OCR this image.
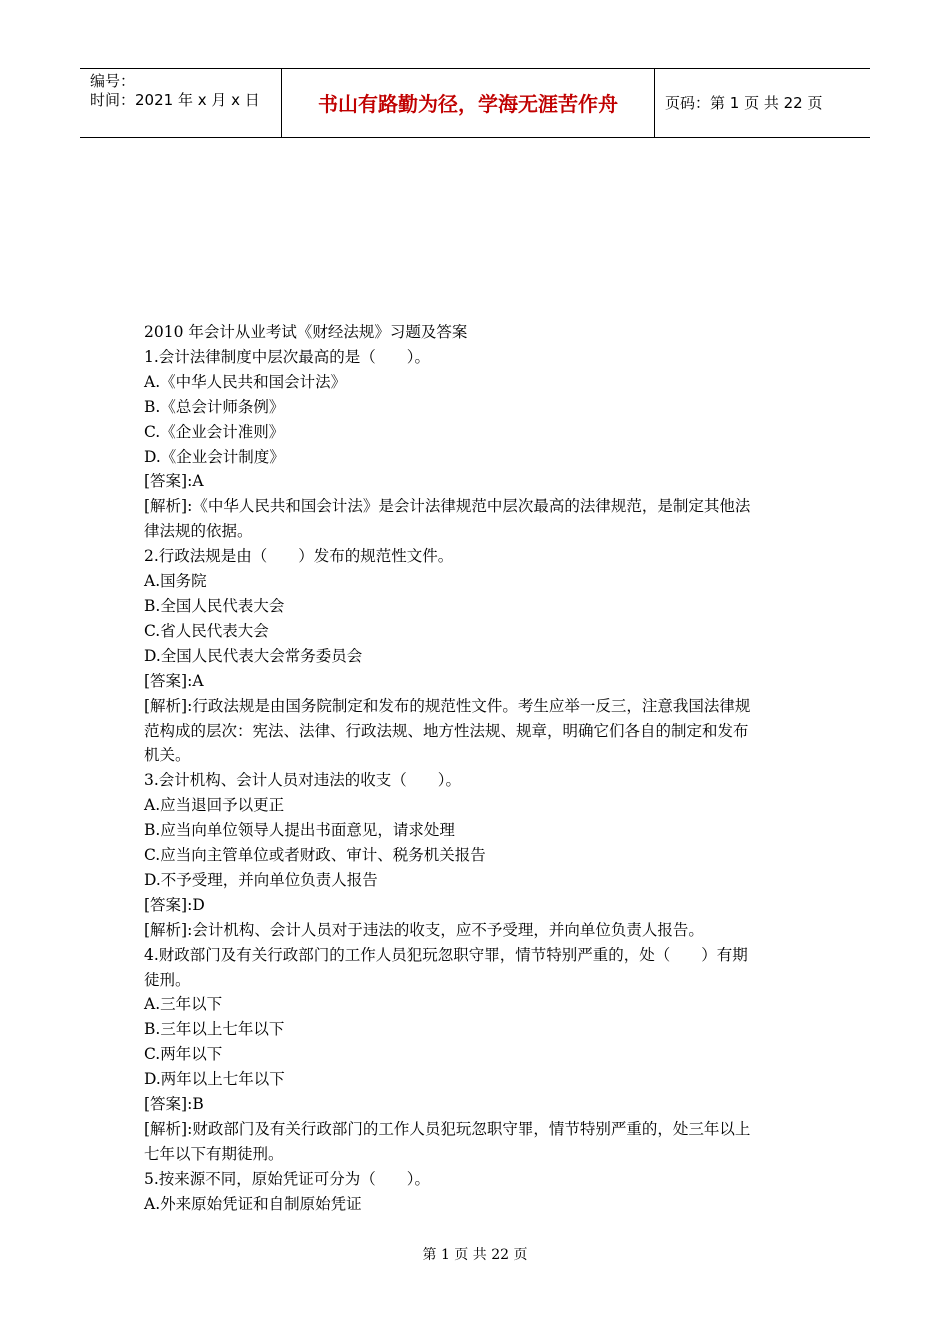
编号：
时间：2021 年 x 月 x 日	书山有路勤为径，学海无涯苦作舟	页码：第 1 页 共 22 页
2010 年会计从业考试《财经法规》习题及答案
1.会计法律制度中层次最高的是（　　）。
A.《中华人民共和国会计法》
B.《总会计师条例》
C.《企业会计准则》
D.《企业会计制度》
[答案]:A
[解析]:《中华人民共和国会计法》是会计法律规范中层次最高的法律规范，是制定其他法
律法规的依据。
2.行政法规是由（　　）发布的规范性文件。
A.国务院
B.全国人民代表大会
C.省人民代表大会
D.全国人民代表大会常务委员会
[答案]:A
[解析]:行政法规是由国务院制定和发布的规范性文件。考生应举一反三，注意我国法律规
范构成的层次：宪法、法律、行政法规、地方性法规、规章，明确它们各自的制定和发布
机关。
3.会计机构、会计人员对违法的收支（　　）。
A.应当退回予以更正
B.应当向单位领导人提出书面意见，请求处理
C.应当向主管单位或者财政、审计、税务机关报告
D.不予受理，并向单位负责人报告
[答案]:D
[解析]:会计机构、会计人员对于违法的收支，应不予受理，并向单位负责人报告。
4.财政部门及有关行政部门的工作人员犯玩忽职守罪，情节特别严重的，处（　　）有期
徒刑。
A.三年以下
B.三年以上七年以下
C.两年以下
D.两年以上七年以下
[答案]:B
[解析]:财政部门及有关行政部门的工作人员犯玩忽职守罪，情节特别严重的，处三年以上
七年以下有期徒刑。
5.按来源不同，原始凭证可分为（　　）。
A.外来原始凭证和自制原始凭证
第 1 页 共 22 页
